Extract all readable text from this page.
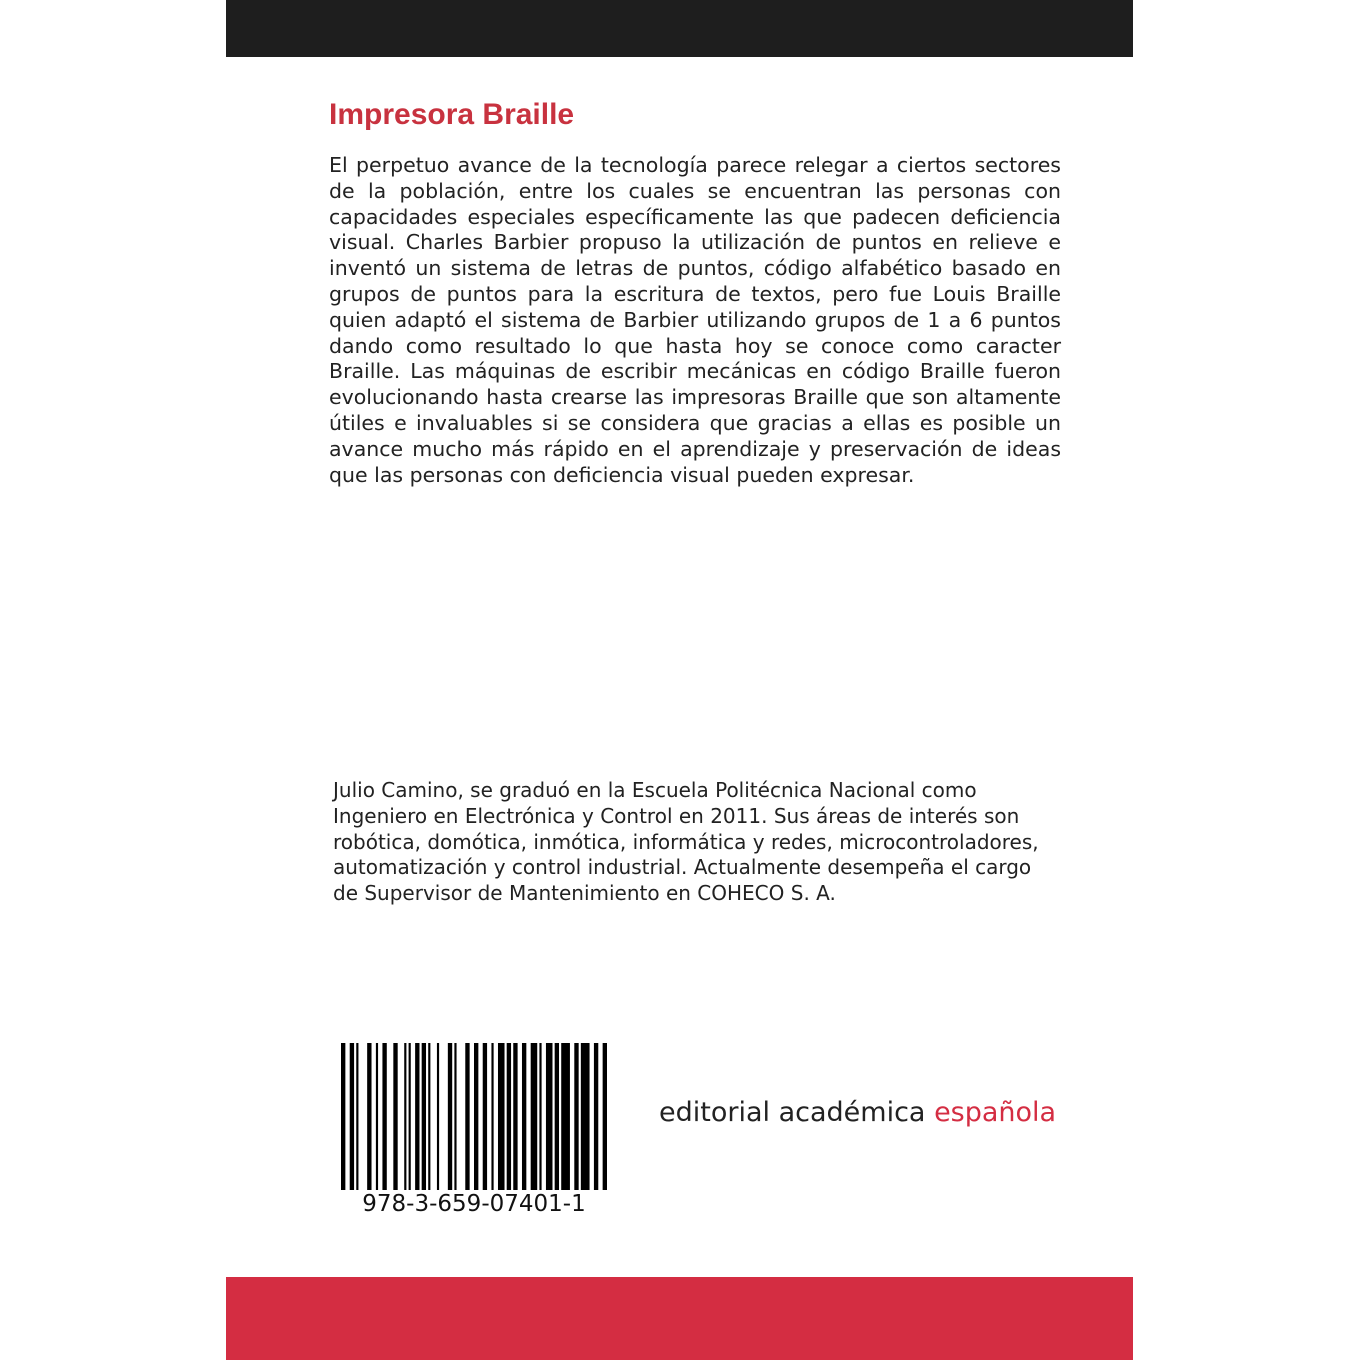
Impresora Braille

El perpetuo avance de la tecnología parece relegar a ciertos sectores de la población, entre los cuales se encuentran las personas con capacidades especiales específicamente las que padecen deficiencia visual. Charles Barbier propuso la utilización de puntos en relieve e inventó un sistema de letras de puntos, código alfabético basado en grupos de puntos para la escritura de textos, pero fue Louis Braille quien adaptó el sistema de Barbier utilizando grupos de 1 a 6 puntos dando como resultado lo que hasta hoy se conoce como caracter Braille. Las máquinas de escribir mecánicas en código Braille fueron evolucionando hasta crearse las impresoras Braille que son altamente útiles e invaluables si se considera que gracias a ellas es posible un avance mucho más rápido en el aprendizaje y preservación de ideas que las personas con deficiencia visual pueden expresar.

Julio Camino, se graduó en la Escuela Politécnica Nacional como
Ingeniero en Electrónica y Control en 2011. Sus áreas de interés son
robótica, domótica, inmótica, informática y redes, microcontroladores,
automatización y control industrial. Actualmente desempeña el cargo
de Supervisor de Mantenimiento en COHECO S. A.
978-3-659-07401-1
editorial académica española
